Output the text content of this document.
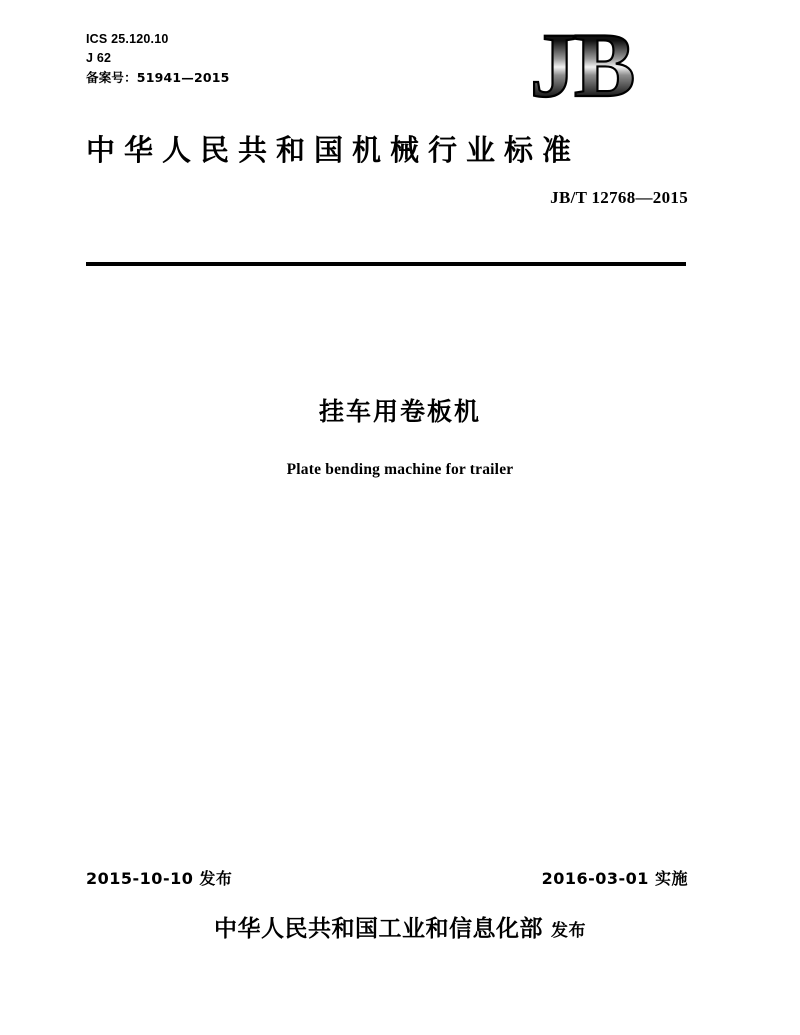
ICS 25.120.10
J 62
备案号：51941—2015	JB
中华人民共和国机械行业标准
JB/T 12768—2015
挂车用卷板机
Plate bending machine for trailer
2015-10-10 发布	2016-03-01 实施
中华人民共和国工业和信息化部 发布
